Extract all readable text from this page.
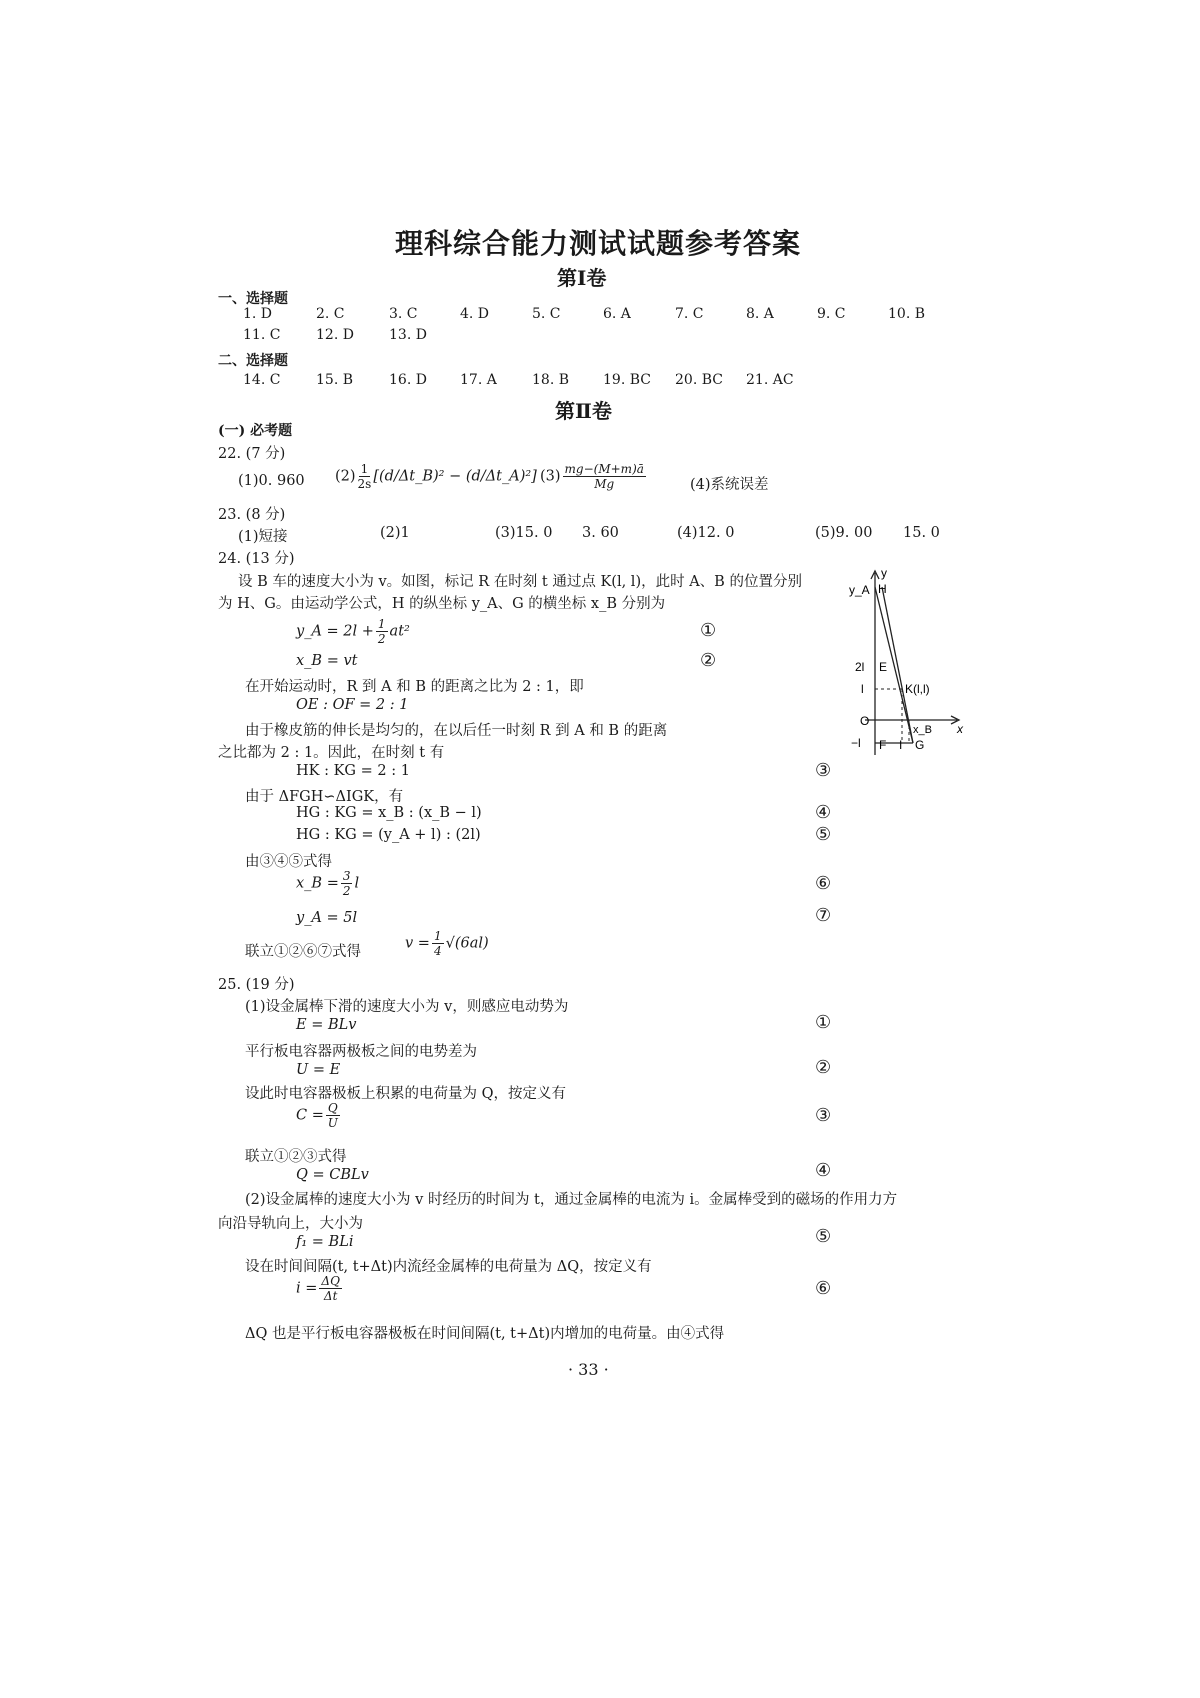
理科综合能力测试试题参考答案
第Ⅰ卷
一、选择题
1. D	2. C	3. C	4. D	5. C	6. A	7. C	8. A	9. C	10. B
11. C	12. D	13. D
二、选择题
14. C	15. B	16. D 17. A	18. B 19. BC 20. BC 21. AC
第Ⅱ卷
(一) 必考题
22. (7 分)
(1)0. 960 $(2) \frac{1}{2s}$ [(d/Δt_B)² − (d/Δt_A)²] $(3) \frac{mg-(M+m)ā}{Mg}$	(4)系统误差
23. (8 分)
(1)短接	(2)1	(3)15. 0 3. 60	(4)12. 0	(5)9. 00 15. 0
24. (13 分)
设 B 车的速度大小为 v。如图，标记 R 在时刻 t 通过点 K(l, l)，此时 A、B 的位置分别
为 H、G。由运动学公式，H 的纵坐标 y_A、G 的横坐标 x_B 分别为
y_A = $2l + \frac{1}{2} at^2$	①
x_B = vt	②
在开始运动时，R 到 A 和 B 的距离之比为 2 : 1，即
OE : OF = 2 : 1
由于橡皮筋的伸长是均匀的，在以后任一时刻 R 到 A 和 B 的距离
之比都为 2 : 1。因此，在时刻 t 有
HK : KG = 2 : 1	③
由于 ΔFGH∽ΔIGK，有
HG : KG = x_B : (x_B − l)	④
HG : KG = (y_A + l) : (2l)	⑤
由③④⑤式得
x_B = $\frac{3}{2}$ l	⑥
y_A = 5l	⑦
联立①②⑥⑦式得
$v = \frac{1}{4} √(6al)$
y
x
y_A H
E
K(l,l)
2l
l
O
−l F I G
x_B
25. (19 分)
(1)设金属棒下滑的速度大小为 v，则感应电动势为
E = BLv	①
平行板电容器两极板之间的电势差为
U = E	②
设此时电容器极板上积累的电荷量为 Q，按定义有
$C = \frac{Q}{U}$	③
联立①②③式得
Q = CBLv	④
(2)设金属棒的速度大小为 v 时经历的时间为 t，通过金属棒的电流为 i。金属棒受到的磁场的作用力方
向沿导轨向上，大小为
f₁ = BLi	⑤
设在时间间隔(t, t+Δt)内流经金属棒的电荷量为 ΔQ，按定义有
$i = \frac{\Delta Q}{\Delta t}$	⑥
ΔQ 也是平行板电容器极板在时间间隔(t, t+Δt)内增加的电荷量。由④式得
· 33 ·
